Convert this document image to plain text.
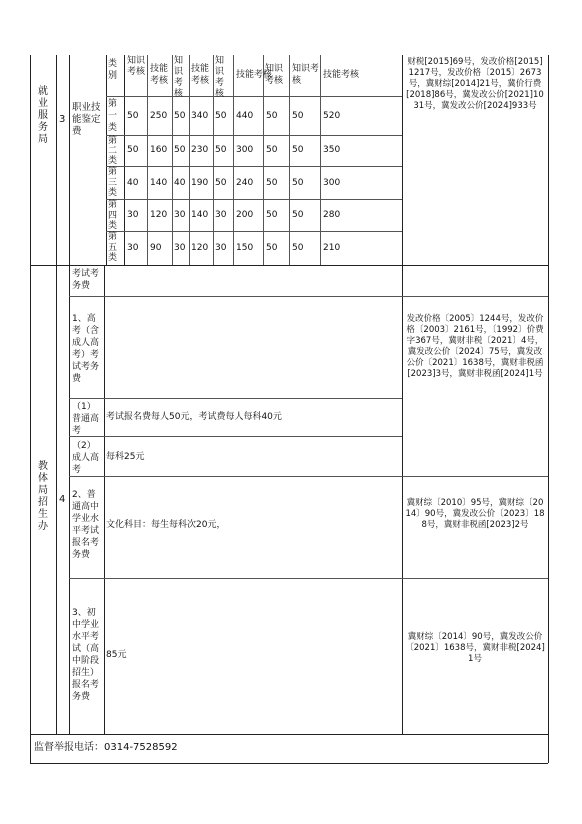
就业服务局
3
职业技能鉴定费
类别
知识考核 技能考核
知识考核
技能考核
知识考核
技能考核
知识考核
知识考核
技能考核
第一类
50 250 50 340 50 440 50 50 520
第二类
50 160 50 230 50 300 50 50 350
第三类
40 140 40 190 50 240 50 50 300
第四类
30 120 30 140 30 200 50 50 280
第五类
30 90 30 120 30 150 50 50 210
财税[2015]69号，发改价格[2015]1217号，发改价格〔2015〕2673号，冀财综[2014]21号，冀价行费[2018]86号，冀发改公价[2021]1031号，冀发改公价[2024]933号
教体局招生办
4
考试考务费
1、高考（含成人高考）考试考务费
（1）普通高考
考试报名费每人50元，考试费每人每科40元
（2）成人高考
每科25元
发改价格〔2005〕1244号，发改价格〔2003〕2161号，〔1992〕价费字367号，冀财非税〔2021〕4号，冀发改公价〔2024〕75号，冀发改公价〔2021〕1638号，冀财非税函[2023]3号，冀财非税函[2024]1号
2、普通高中学业水平考试报名考务费
文化科目：每生每科次20元，
冀财综〔2010〕95号，冀财综〔2014〕90号，冀发改公价〔2023〕188号，冀财非税函[2023]2号
3、初中学业水平考试（高中阶段招生）报名考务费
85元
冀财综〔2014〕90号，冀发改公价〔2021〕1638号，冀财非税[2024]1号
监督举报电话：0314-7528592
